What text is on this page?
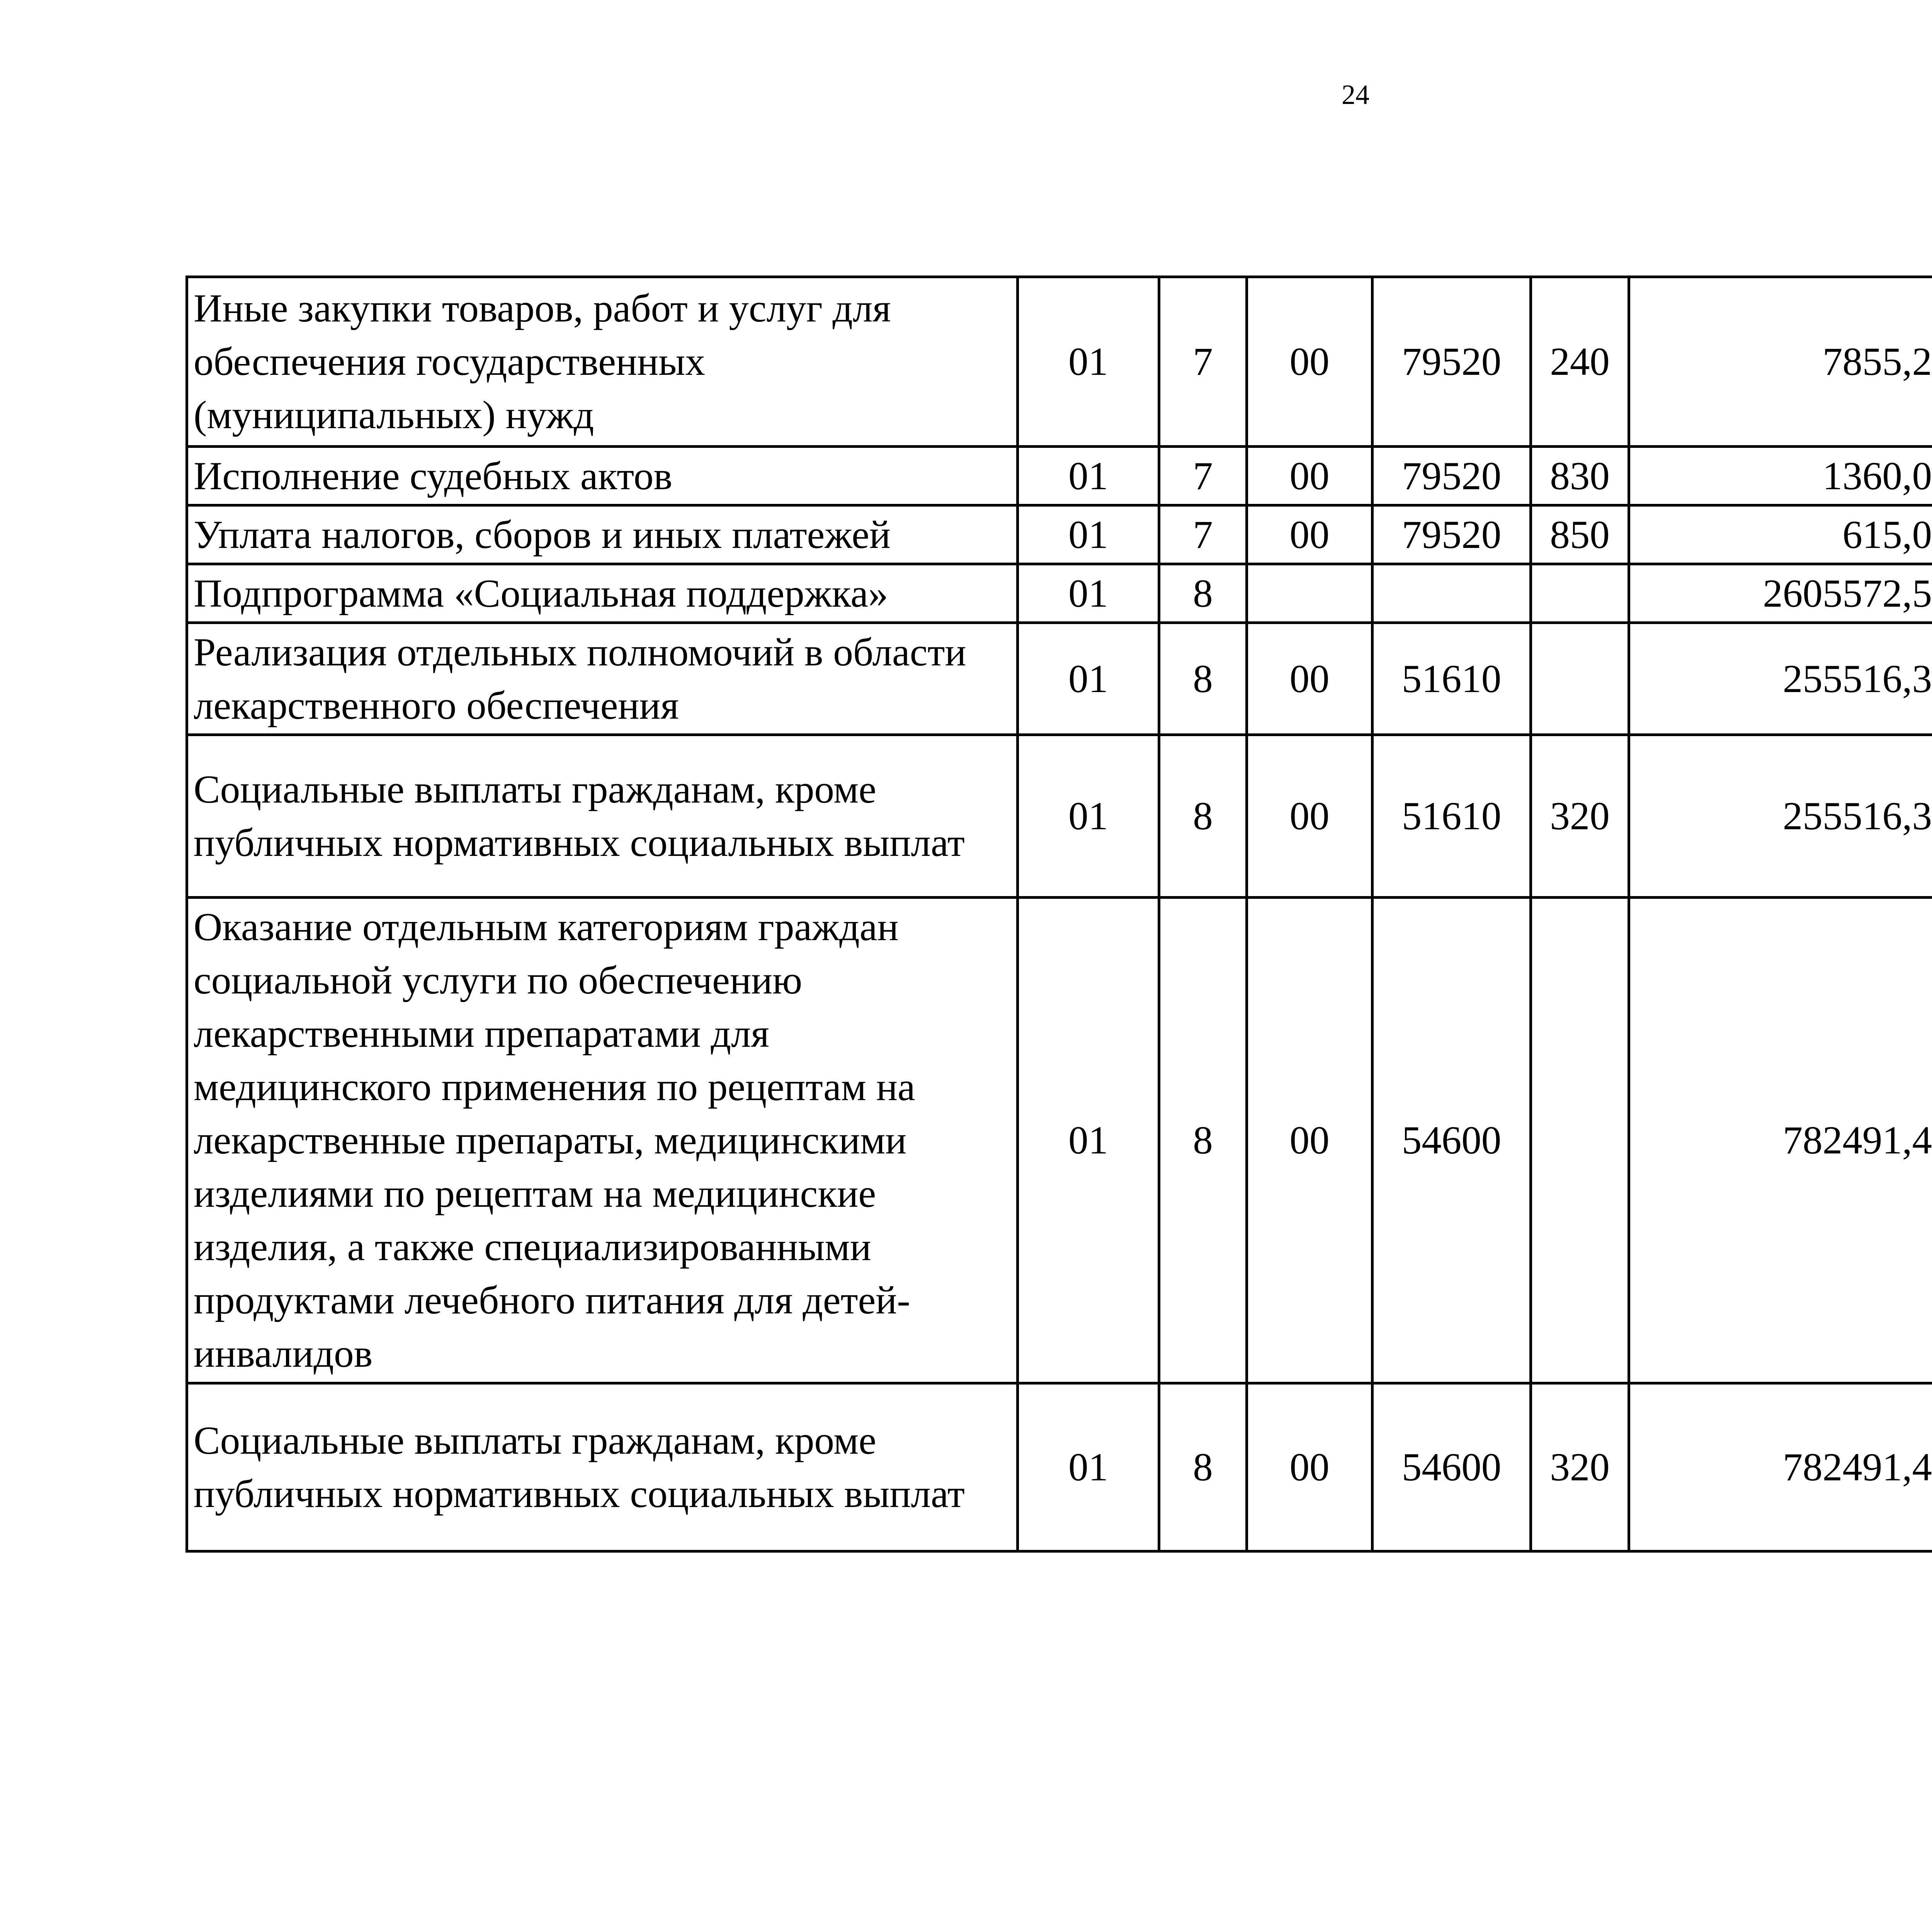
24
Иные закупки товаров, работ и услуг для обеспечения государственных (муниципальных) нужд	01	7	00	79520	240	7855,2		
Исполнение судебных актов	01	7	00	79520	830	1360,0		
Уплата налогов, сборов и иных платежей	01	7	00	79520	850	615,0		
Подпрограмма «Социальная поддержка»	01	8				2605572,5		
Реализация отдельных полномочий в области лекарственного обеспечения	01	8	00	51610		255516,3		
Социальные выплаты гражданам, кроме публичных нормативных социальных выплат	01	8	00	51610	320	255516,3		
Оказание отдельным категориям граждан социальной услуги по обеспечению лекарственными препаратами для медицинского применения по рецептам на лекарственные препараты, медицинскими изделиями по рецептам на медицинские изделия, а также специализированными продуктами лечебного питания для детей-инвалидов	01	8	00	54600		782491,4		
Социальные выплаты гражданам, кроме публичных нормативных социальных выплат	01	8	00	54600	320	782491,4		
